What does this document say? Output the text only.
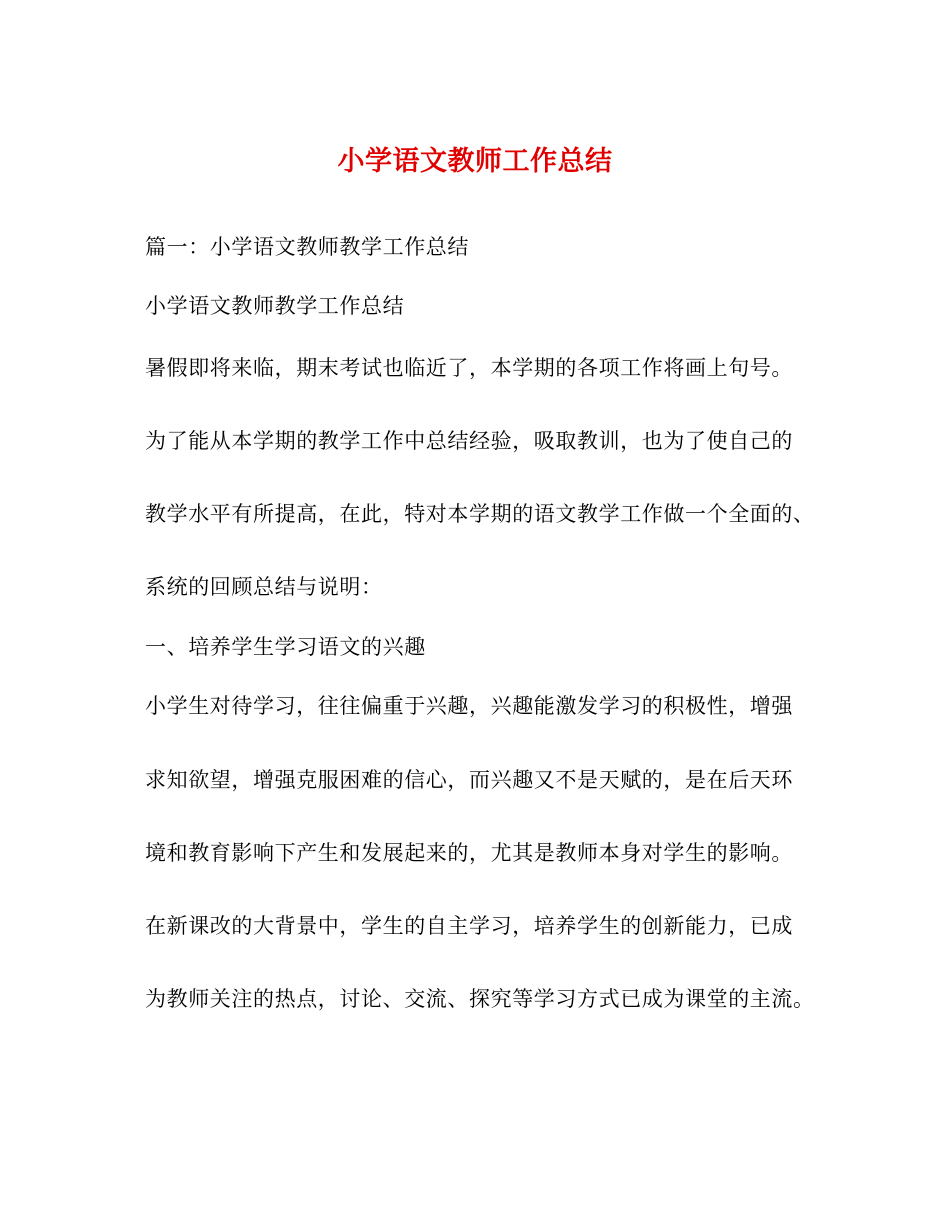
小学语文教师工作总结
篇一：小学语文教师教学工作总结
小学语文教师教学工作总结
暑假即将来临，期末考试也临近了，本学期的各项工作将画上句号。
为了能从本学期的教学工作中总结经验，吸取教训，也为了使自己的
教学水平有所提高，在此，特对本学期的语文教学工作做一个全面的、
系统的回顾总结与说明：
一、培养学生学习语文的兴趣
小学生对待学习，往往偏重于兴趣，兴趣能激发学习的积极性，增强
求知欲望，增强克服困难的信心，而兴趣又不是天赋的，是在后天环
境和教育影响下产生和发展起来的，尤其是教师本身对学生的影响。
在新课改的大背景中，学生的自主学习，培养学生的创新能力，已成
为教师关注的热点，讨论、交流、探究等学习方式已成为课堂的主流。
